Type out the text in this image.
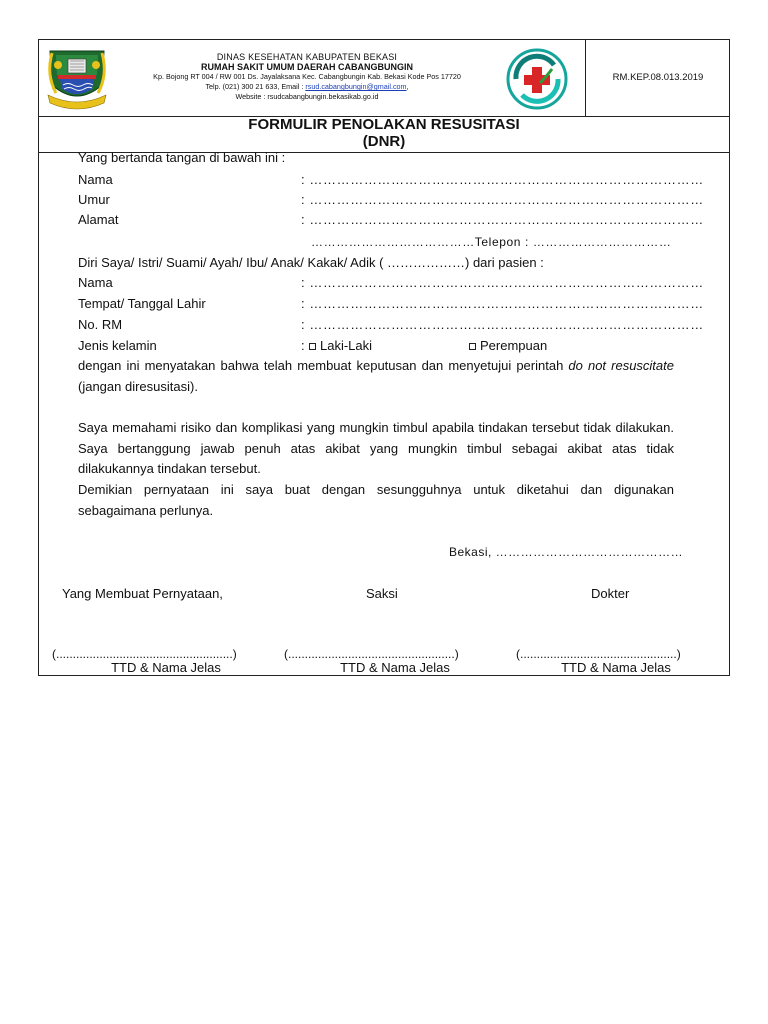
DINAS KESEHATAN KABUPATEN BEKASI
RUMAH SAKIT UMUM DAERAH CABANGBUNGIN
Kp. Bojong RT 004 / RW 001 Ds. Jayalaksana Kec. Cabangbungin Kab. Bekasi Kode Pos 17720
Telp. (021) 300 21 633, Email : rsud.cabangbungin@gmail.com,
Website : rsudcabangbungin.bekasikab.go.id
RM.KEP.08.013.2019
FORMULIR PENOLAKAN RESUSITASI
(DNR)
Yang bertanda tangan di bawah ini :
Nama	: ……………………………………………………………………………
Umur	: ……………………………………………………………………………
Alamat	: ……………………………………………………………………………
…………………………………Telepon : ……………………………
Diri Saya/ Istri/ Suami/ Ayah/ Ibu/ Anak/ Kakak/ Adik ( ………………) dari pasien :
Nama	: ……………………………………………………………………………
Tempat/ Tanggal Lahir	: ……………………………………………………………………………
No. RM	: ……………………………………………………………………………
Jenis kelamin	:	Laki-Laki	Perempuan

dengan ini menyatakan bahwa telah membuat keputusan dan menyetujui perintah do not resuscitate (jangan diresusitasi).

Saya memahami risiko dan komplikasi yang mungkin timbul apabila tindakan tersebut tidak dilakukan. Saya bertanggung jawab penuh atas akibat yang mungkin timbul sebagai akibat atas tidak dilakukannya tindakan tersebut.

Demikian pernyataan ini saya buat dengan sesungguhnya untuk diketahui dan digunakan sebagaimana perlunya.

Bekasi, ………………………………………
Yang Membuat Pernyataan,	Saksi	Dokter
(.....................................................)	(..................................................)	(...............................................)
TTD & Nama Jelas	TTD & Nama Jelas	TTD & Nama Jelas
